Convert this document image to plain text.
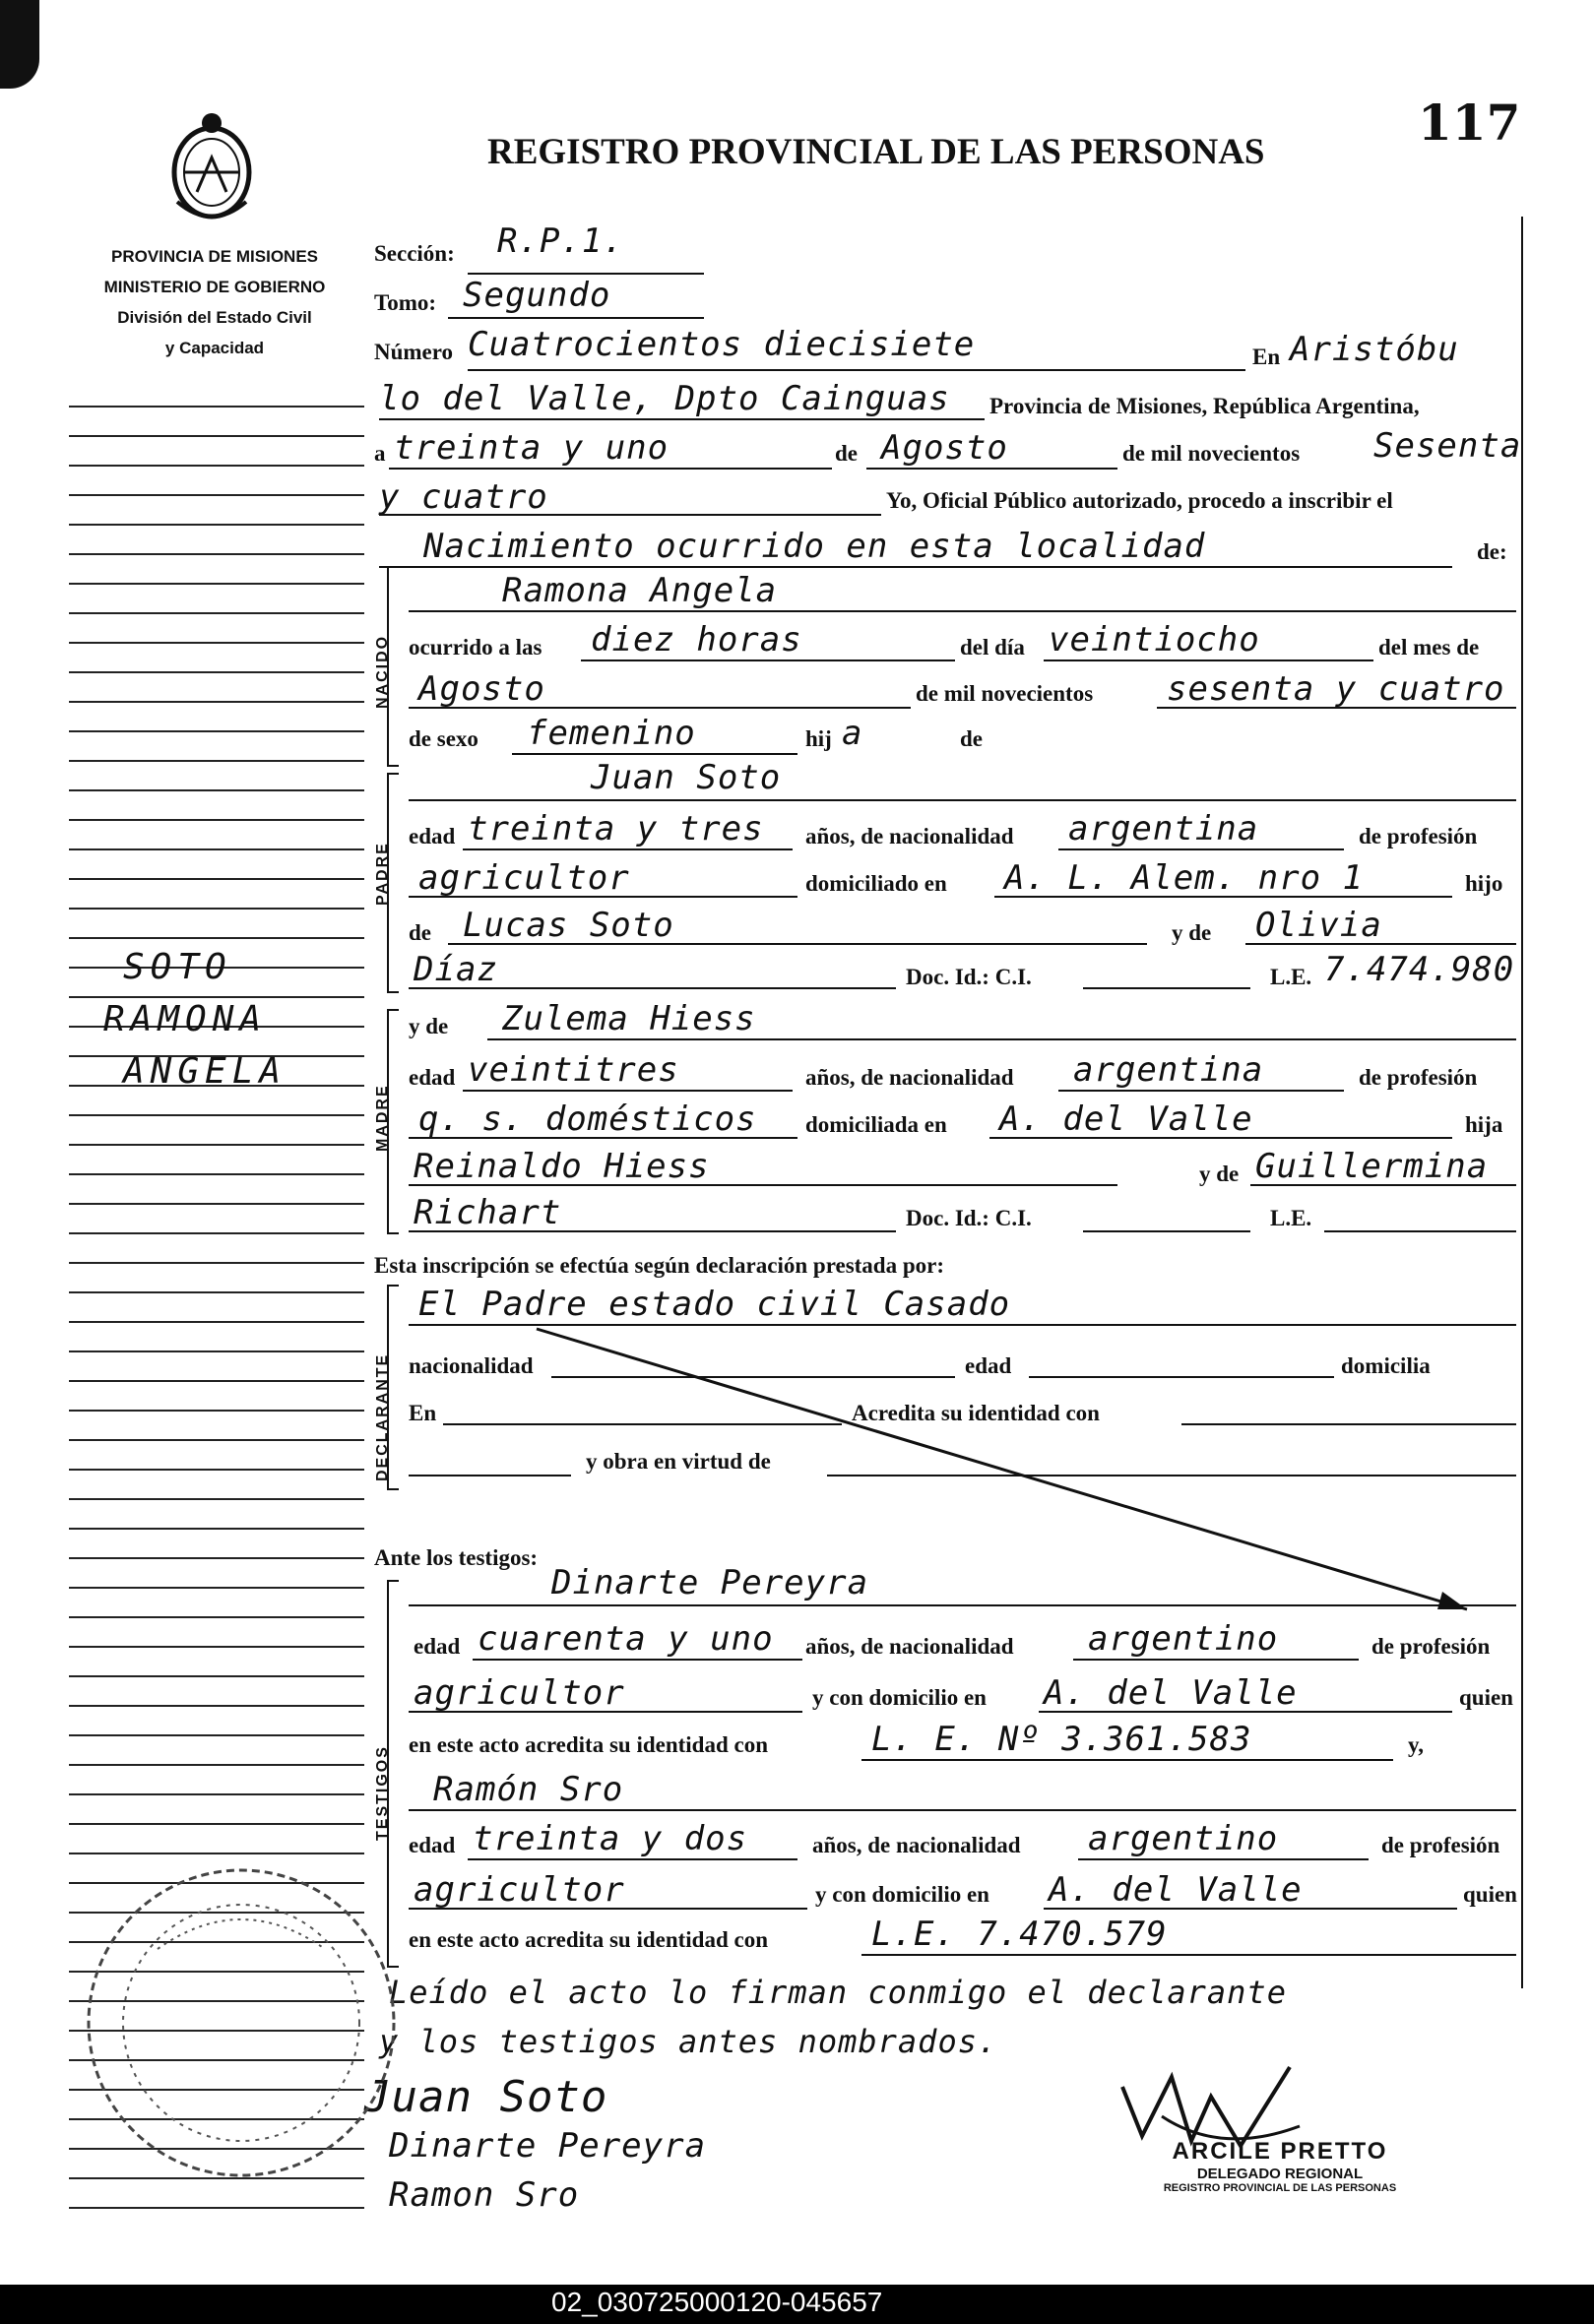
117
REGISTRO PROVINCIAL DE LAS PERSONAS
PROVINCIA DE MISIONES
MINISTERIO DE GOBIERNO
División del Estado Civil
y Capacidad
SOTO
RAMONA
ANGELA
Sección: R.P.1.
Tomo: Segundo
Número Cuatrocientos diecisiete	En Aristóbu
lo del Valle, Dpto Cainguas Provincia de Misiones, República Argentina,
a treinta y uno	de Agosto	de mil novecientos Sesenta
y cuatro	Yo, Oficial Público autorizado, procedo a inscribir el
Nacimiento ocurrido en esta localidad	de:
NACIDO
Ramona Angela
ocurrido a las diez horas	del día veintiocho	del mes de
Agosto	de mil novecientos sesenta y cuatro
de sexo femenino	hij a	de
PADRE
Juan Soto
edad treinta y tres años, de nacionalidad argentina	de profesión
agricultor	domiciliado en A. L. Alem. nro 1	hijo
de Lucas Soto	y de Olivia
Díaz	Doc. Id.: C.I.	L.E. 7.474.980
MADRE
y de Zulema Hiess
edad veintitres	años, de nacionalidad argentina	de profesión
q. s. domésticos domiciliada en A. del Valle	hija
Reinaldo Hiess	y de Guillermina
Richart	Doc. Id.: C.I.	L.E.
Esta inscripción se efectúa según declaración prestada por:
DECLARANTE
El Padre estado civil Casado
nacionalidad	edad	domicilia
En	Acredita su identidad con
y obra en virtud de
Ante los testigos:
TESTIGOS
Dinarte Pereyra
edad cuarenta y uno años, de nacionalidad argentino	de profesión
agricultor	y con domicilio en A. del Valle	quien
en este acto acredita su identidad con	L. E. Nº 3.361.583	y,
Ramón Sro
edad treinta y dos	años, de nacionalidad argentino	de profesión
agricultor	y con domicilio en A. del Valle	quien
en este acto acredita su identidad con	L.E. 7.470.579
Leído el acto lo firman conmigo el declarante
y los testigos antes nombrados.
Juan Soto
Dinarte Pereyra
Ramon Sro
ARCILE PRETTO
DELEGADO REGIONAL
REGISTRO PROVINCIAL DE LAS PERSONAS
02_030725000120-045657
